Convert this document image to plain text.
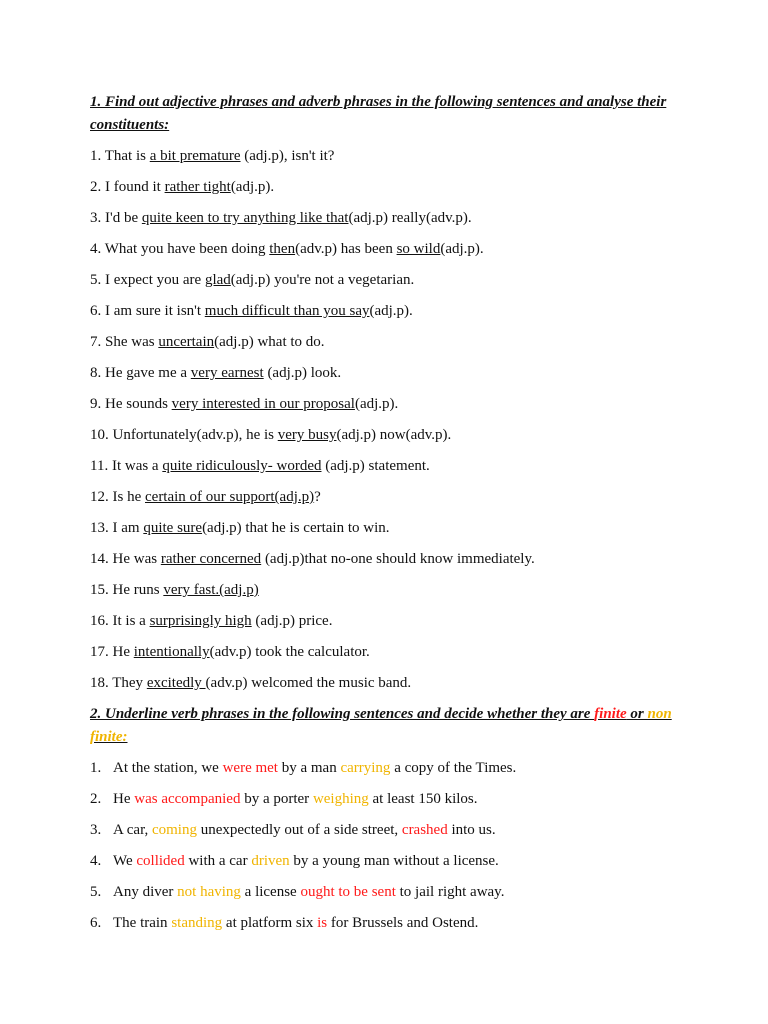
1. Find out adjective phrases and adverb phrases in the following sentences and analyse their constituents:
1. That is a bit premature (adj.p), isn't it?
2. I found it rather tight(adj.p).
3. I'd be quite keen to try anything like that(adj.p) really(adv.p).
4. What you have been doing then(adv.p) has been so wild(adj.p).
5. I expect you are glad(adj.p) you're not a vegetarian.
6. I am sure it isn't much difficult than you say(adj.p).
7. She was uncertain(adj.p) what to do.
8. He gave me a very earnest (adj.p) look.
9. He sounds very interested in our proposal(adj.p).
10. Unfortunately(adv.p), he is very busy(adj.p) now(adv.p).
11. It was a quite ridiculously- worded (adj.p) statement.
12. Is he certain of our support(adj.p)?
13. I am quite sure(adj.p) that he is certain to win.
14. He was rather concerned (adj.p)that no-one should know immediately.
15. He runs very fast.(adj.p)
16. It is a surprisingly high (adj.p) price.
17. He intentionally(adv.p) took the calculator.
18. They excitedly (adv.p) welcomed the music band.
2. Underline verb phrases in the following sentences and decide whether they are finite or non finite:
1. At the station, we were met by a man carrying a copy of the Times.
2. He was accompanied by a porter weighing at least 150 kilos.
3. A car, coming unexpectedly out of a side street, crashed into us.
4. We collided with a car driven by a young man without a license.
5. Any diver not having a license ought to be sent to jail right away.
6. The train standing at platform six is for Brussels and Ostend.
